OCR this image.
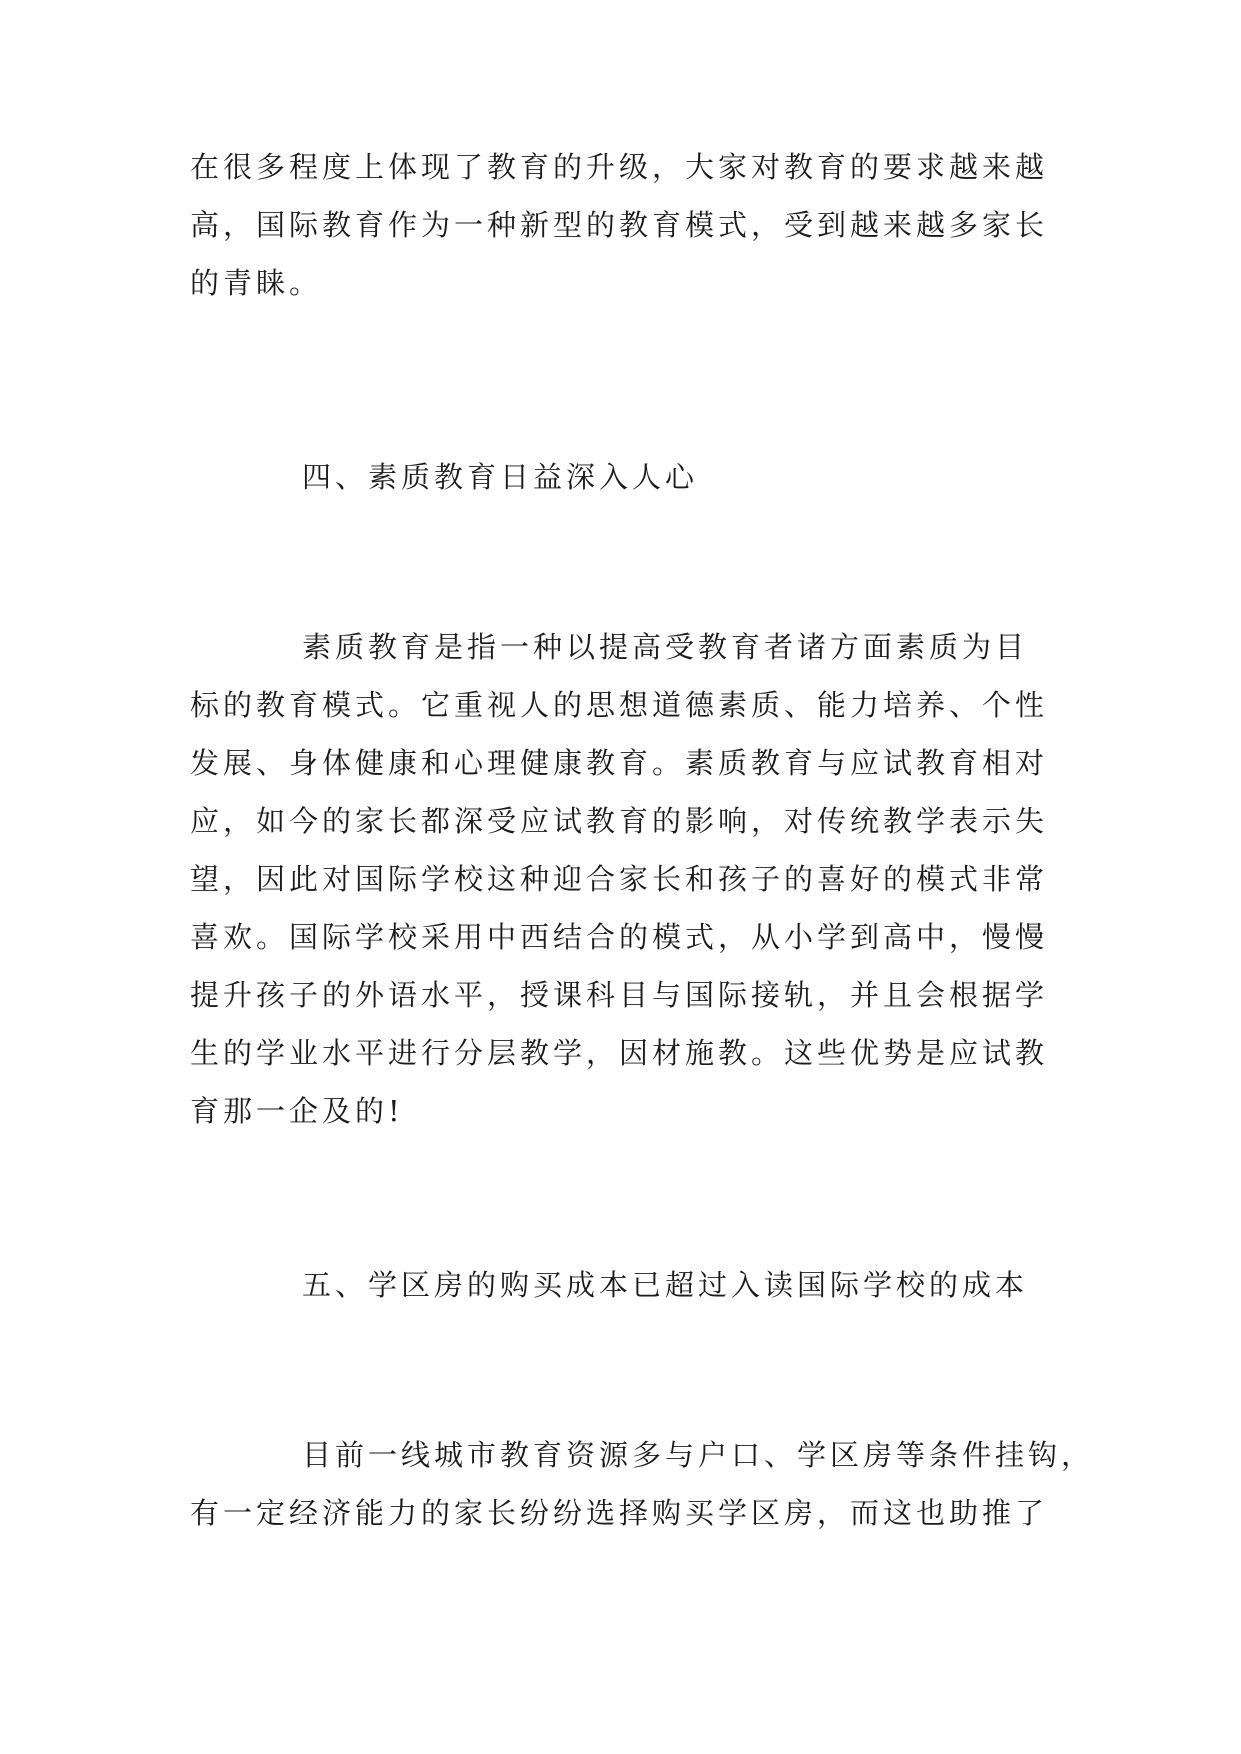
在很多程度上体现了教育的升级，大家对教育的要求越来越
高，国际教育作为一种新型的教育模式，受到越来越多家长
的青睐。
四、素质教育日益深入人心
素质教育是指一种以提高受教育者诸方面素质为目
标的教育模式。它重视人的思想道德素质、能力培养、个性
发展、身体健康和心理健康教育。素质教育与应试教育相对
应，如今的家长都深受应试教育的影响，对传统教学表示失
望，因此对国际学校这种迎合家长和孩子的喜好的模式非常
喜欢。国际学校采用中西结合的模式，从小学到高中，慢慢
提升孩子的外语水平，授课科目与国际接轨，并且会根据学
生的学业水平进行分层教学，因材施教。这些优势是应试教
育那一企及的!
五、学区房的购买成本已超过入读国际学校的成本
目前一线城市教育资源多与户口、学区房等条件挂钩，
有一定经济能力的家长纷纷选择购买学区房，而这也助推了
